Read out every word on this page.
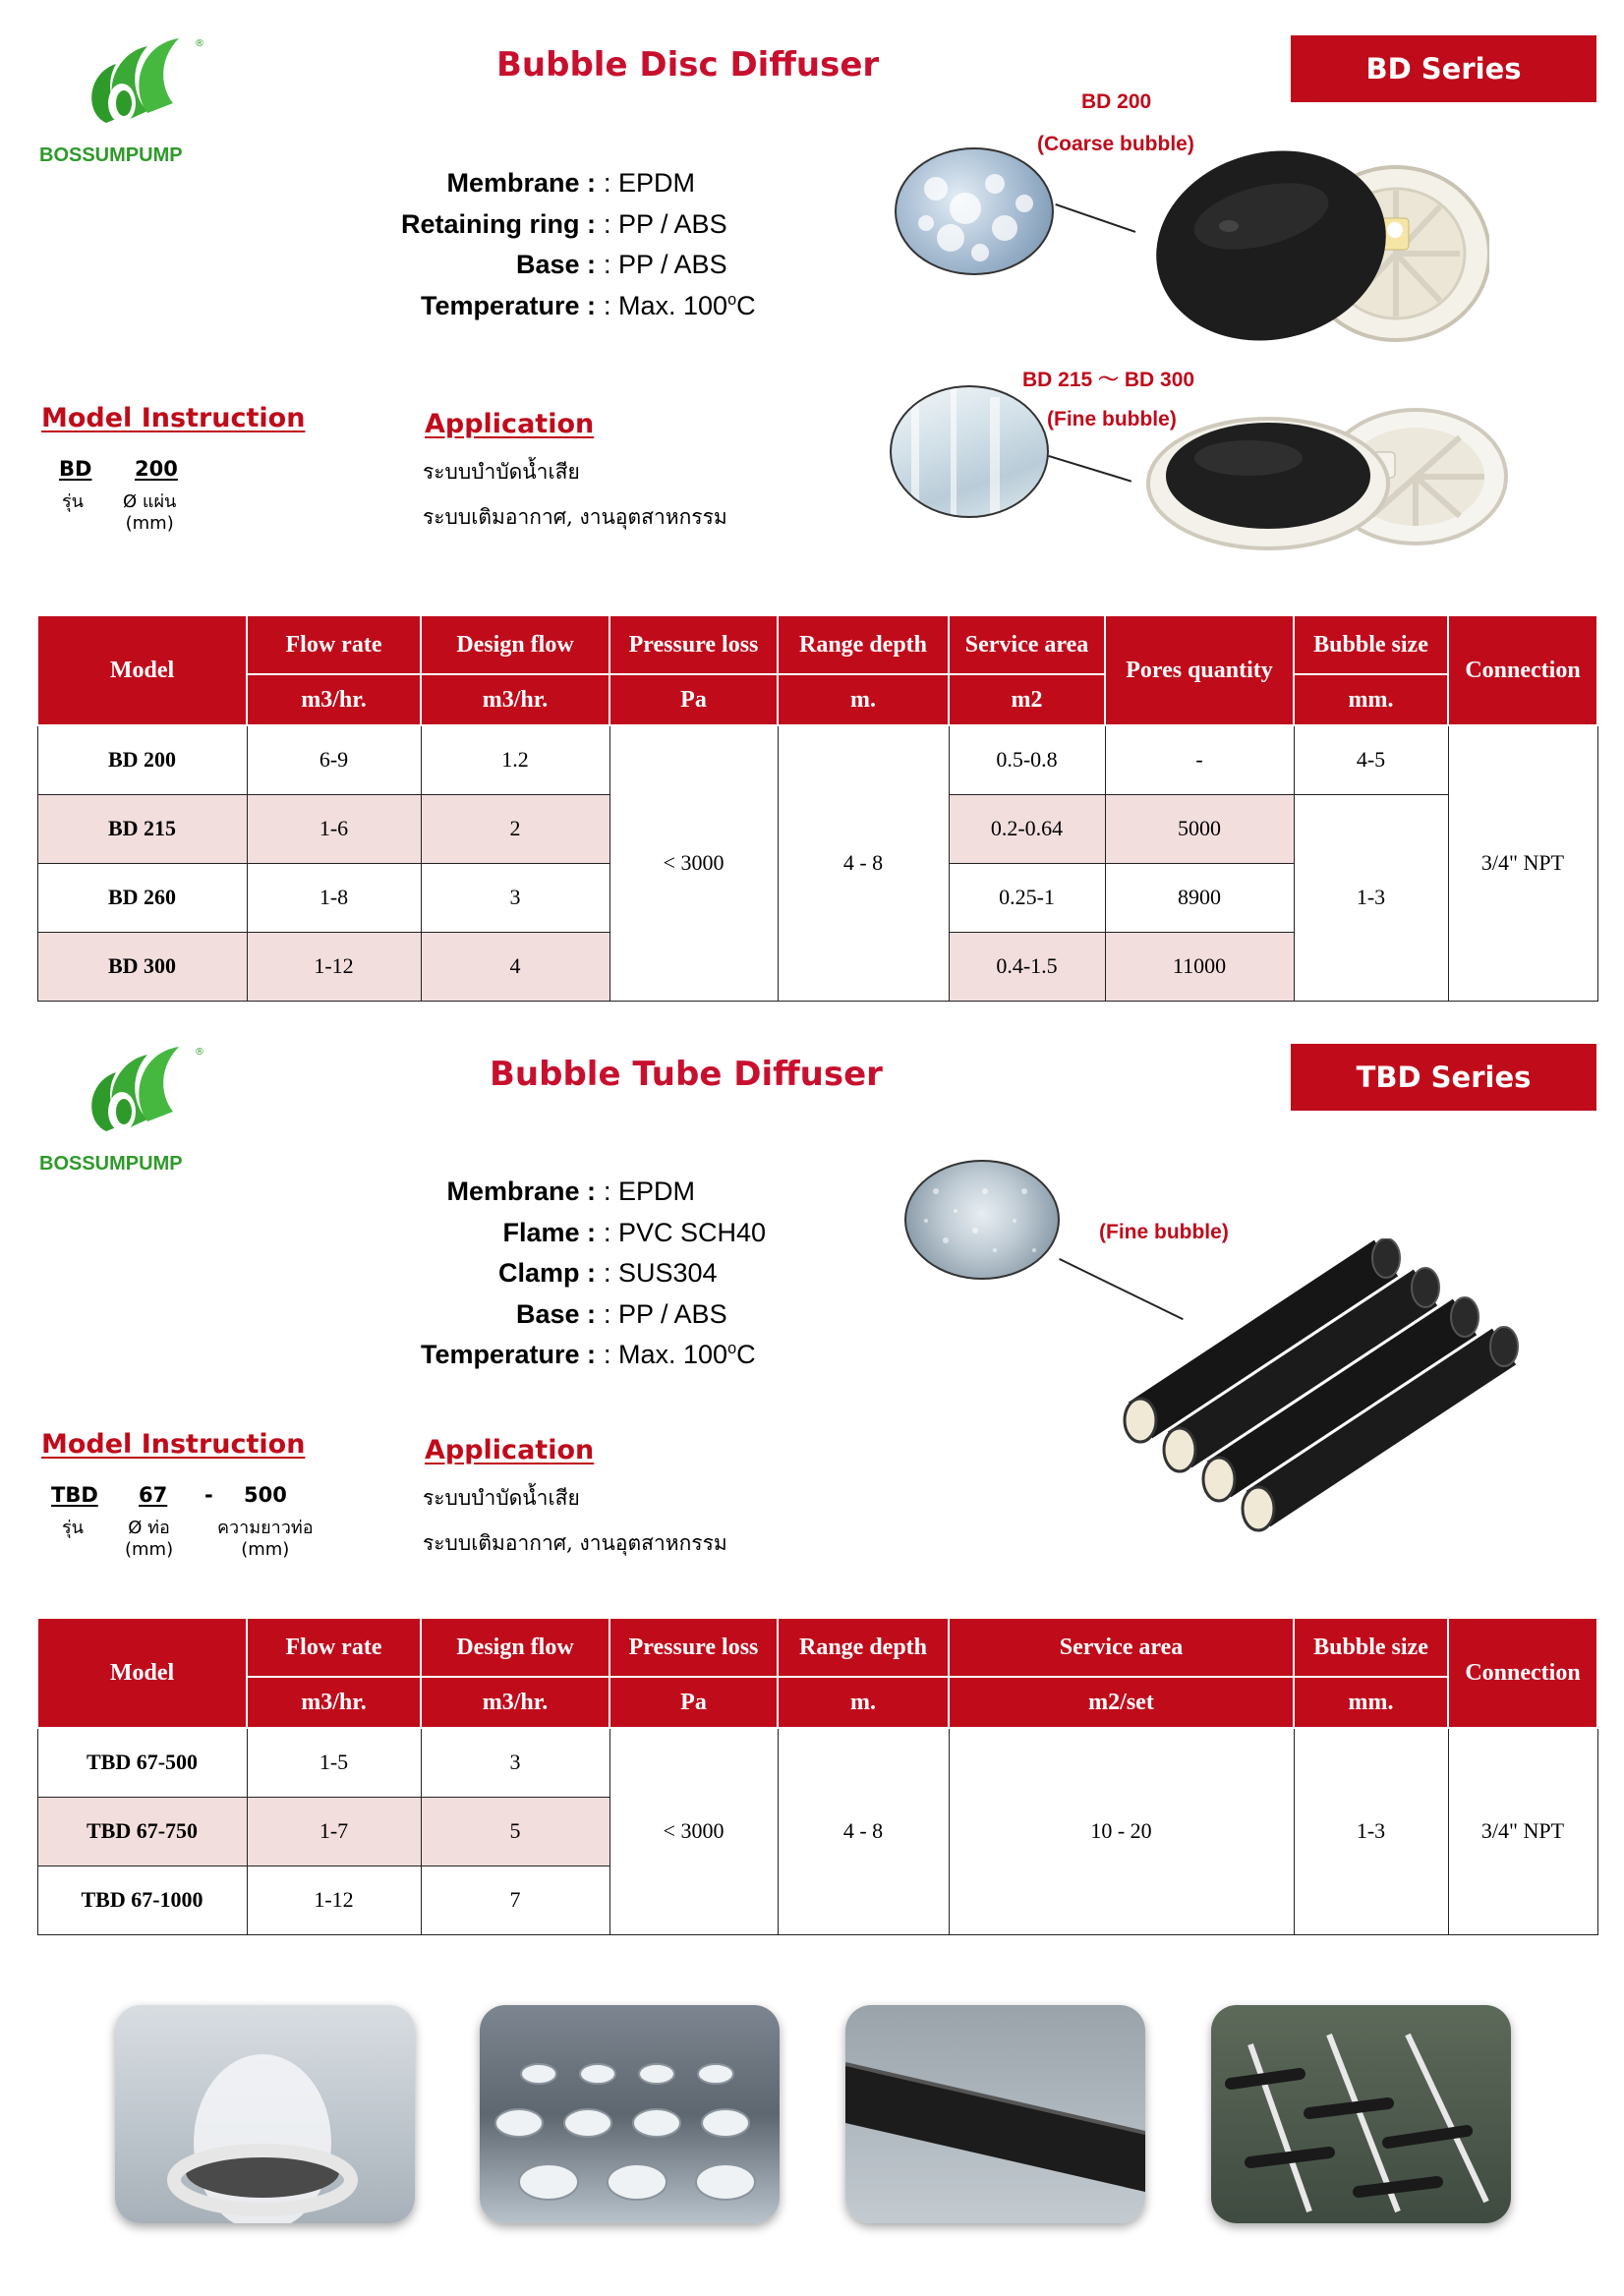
®
BOSSUMPUMP
Bubble Disc Diffuser	BD Series
Membrane : : EPDM
Retaining ring : : PP / ABS
Base : : PP / ABS
Temperature : : Max. 100$^o$C
BD 200
(Coarse bubble)
BD 215 ～ BD 300
(Fine bubble)
Model Instruction
BD 200
รุ่น Ø แผ่น
(mm)
Application
ระบบบำบัดน้ำเสีย
ระบบเติมอากาศ, งานอุตสาหกรรม
Model	Flow rate	Design flow	Pressure loss	Range depth	Service area	Pores quantity	Bubble size	Connection
	m3/hr.	m3/hr.	Pa	m.	m2		mm.	
BD 200	6-9	1.2	< 3000	4 - 8	0.5-0.8	-	4-5	3/4" NPT
BD 215	1-6	2			0.2-0.64	5000	1-3	
BD 260	1-8	3			0.25-1	8900		
BD 300	1-12	4			0.4-1.5	11000		
®
BOSSUMPUMP
Bubble Tube Diffuser	TBD Series
Membrane : : EPDM
Flame : : PVC SCH40
Clamp : : SUS304
Base : : PP / ABS
Temperature : : Max. 100$^o$C
(Fine bubble)
Model Instruction
TBD 67 - 500
รุ่น	Ø ท่อ
(mm)
ความยาวท่อ
(mm)
Application
ระบบบำบัดน้ำเสีย
ระบบเติมอากาศ, งานอุตสาหกรรม
Model	Flow rate	Design flow	Pressure loss	Range depth	Service area	Bubble size	Connection
	m3/hr.	m3/hr.	Pa	m.	m2/set	mm.	
TBD 67-500	1-5	3	< 3000	4 - 8	10 - 20	1-3	3/4" NPT
TBD 67-750	1-7	5					
TBD 67-1000	1-12	7					
